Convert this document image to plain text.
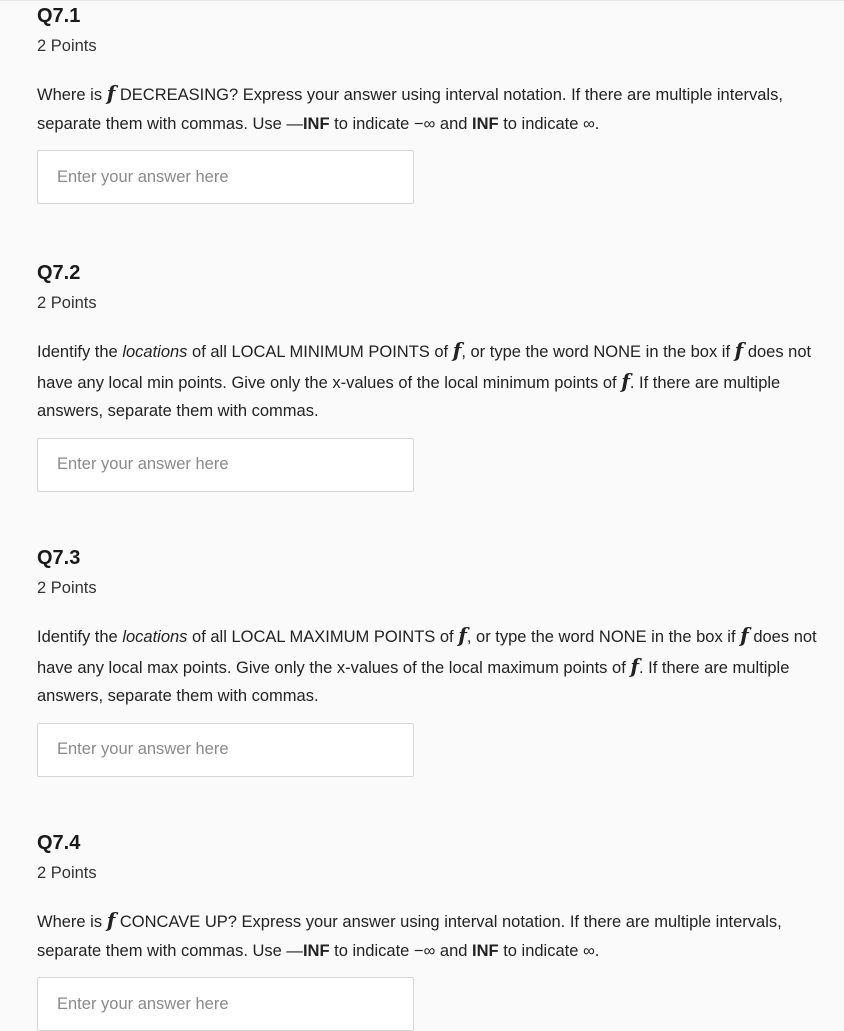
Q7.1
2 Points
Where is f DECREASING? Express your answer using interval notation. If there are multiple intervals, separate them with commas. Use —INF to indicate −∞ and INF to indicate ∞.
Enter your answer here
Q7.2
2 Points
Identify the locations of all LOCAL MINIMUM POINTS of f, or type the word NONE in the box if f does not have any local min points. Give only the x-values of the local minimum points of f. If there are multiple answers, separate them with commas.
Enter your answer here
Q7.3
2 Points
Identify the locations of all LOCAL MAXIMUM POINTS of f, or type the word NONE in the box if f does not have any local max points. Give only the x-values of the local maximum points of f. If there are multiple answers, separate them with commas.
Enter your answer here
Q7.4
2 Points
Where is f CONCAVE UP? Express your answer using interval notation. If there are multiple intervals, separate them with commas. Use —INF to indicate −∞ and INF to indicate ∞.
Enter your answer here
